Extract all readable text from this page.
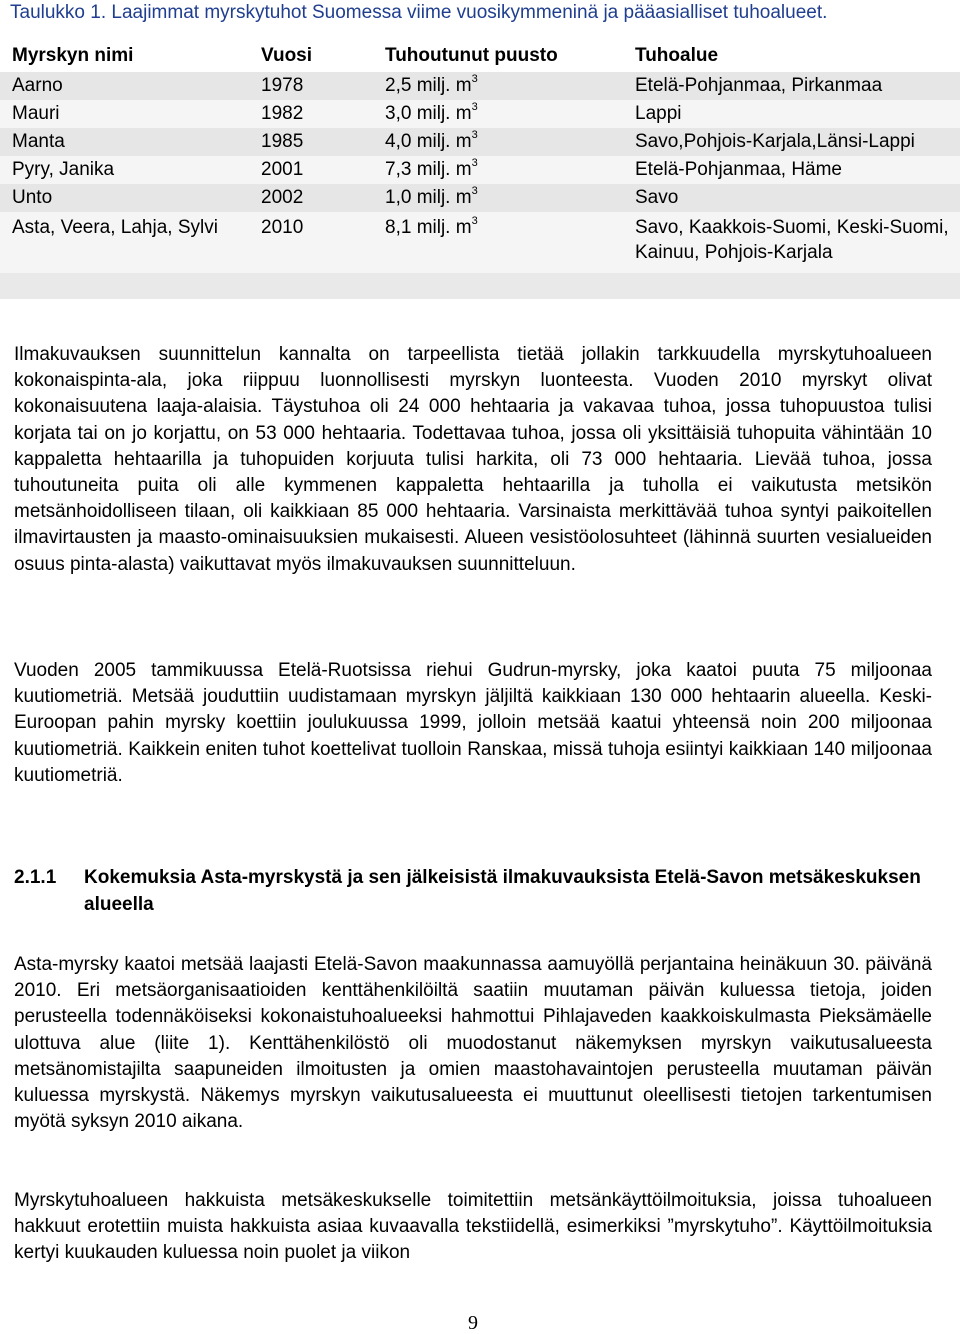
Taulukko 1. Laajimmat myrskytuhot Suomessa viime vuosikymmeninä ja pääasialliset tuhoalueet.
Myrskyn nimi	Vuosi	Tuhoutunut puusto	Tuhoalue
Aarno	1978	2,5 milj. $m^3$	Etelä-Pohjanmaa, Pirkanmaa
Mauri	1982	3,0 milj. $m^3$	Lappi
Manta	1985	4,0 milj. $m^3$	Savo,Pohjois-Karjala,Länsi-Lappi
Pyry, Janika	2001	7,3 milj. $m^3$	Etelä-Pohjanmaa, Häme
Unto	2002	1,0 milj. $m^3$	Savo
Asta, Veera, Lahja, Sylvi	2010	8,1 milj. $m^3$	Savo, Kaakkois-Suomi, Keski-Suomi, Kainuu, Pohjois-Karjala

Ilmakuvauksen suunnittelun kannalta on tarpeellista tietää jollakin tarkkuudella myrskytuhoalueen kokonaispinta-ala, joka riippuu luonnollisesti myrskyn luonteesta. Vuoden 2010 myrskyt olivat kokonaisuutena laaja-alaisia. Täystuhoa oli 24 000 hehtaaria ja vakavaa tuhoa, jossa tuhopuustoa tulisi korjata tai on jo korjattu, on 53 000 hehtaaria. Todettavaa tuhoa, jossa oli yksittäisiä tuhopuita vähintään 10 kappaletta hehtaarilla ja tuhopuiden korjuuta tulisi harkita, oli 73 000 hehtaaria. Lievää tuhoa, jossa tuhoutuneita puita oli alle kymmenen kappaletta hehtaarilla ja tuholla ei vaikutusta metsikön metsänhoidolliseen tilaan, oli kaikkiaan 85 000 hehtaaria. Varsinaista merkittävää tuhoa syntyi paikoitellen ilmavirtausten ja maasto-ominaisuuksien mukaisesti. Alueen vesistöolosuhteet (lähinnä suurten vesialueiden osuus pinta-alasta) vaikuttavat myös ilmakuvauksen suunnitteluun.

Vuoden 2005 tammikuussa Etelä-Ruotsissa riehui Gudrun-myrsky, joka kaatoi puuta 75 miljoonaa kuutiometriä. Metsää jouduttiin uudistamaan myrskyn jäljiltä kaikkiaan 130 000 hehtaarin alueella. Keski-Euroopan pahin myrsky koettiin joulukuussa 1999, jolloin metsää kaatui yhteensä noin 200 miljoonaa kuutiometriä. Kaikkein eniten tuhot koettelivat tuolloin Ranskaa, missä tuhoja esiintyi kaikkiaan 140 miljoonaa kuutiometriä.

2.1.1 Kokemuksia Asta-myrskystä ja sen jälkeisistä ilmakuvauksista Etelä-Savon metsäkeskuksen alueella

Asta-myrsky kaatoi metsää laajasti Etelä-Savon maakunnassa aamuyöllä perjantaina heinäkuun 30. päivänä 2010. Eri metsäorganisaatioiden kenttähenkilöiltä saatiin muutaman päivän kuluessa tietoja, joiden perusteella todennäköiseksi kokonaistuhoalueeksi hahmottui Pihlajaveden kaakkoiskulmasta Pieksämäelle ulottuva alue (liite 1). Kenttähenkilöstö oli muodostanut näkemyksen myrskyn vaikutusalueesta metsänomistajilta saapuneiden ilmoitusten ja omien maastohavaintojen perusteella muutaman päivän kuluessa myrskystä. Näkemys myrskyn vaikutusalueesta ei muuttunut oleellisesti tietojen tarkentumisen myötä syksyn 2010 aikana.

Myrskytuhoalueen hakkuista metsäkeskukselle toimitettiin metsänkäyttöilmoituksia, joissa tuhoalueen hakkuut erotettiin muista hakkuista asiaa kuvaavalla tekstiidellä, esimerkiksi ”myrskytuho”. Käyttöilmoituksia kertyi kuukauden kuluessa noin puolet ja viikon

9
